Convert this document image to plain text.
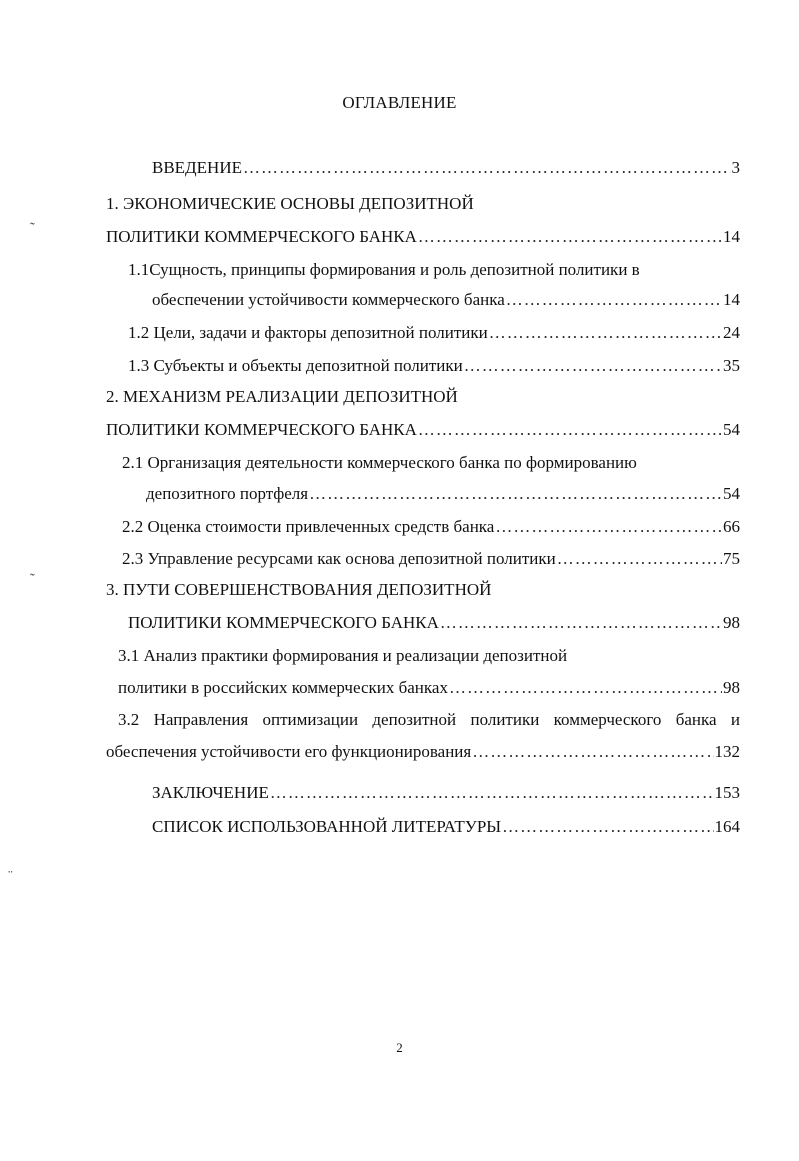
ОГЛАВЛЕНИЕ
ВВЕДЕНИЕ …………………………………………………………………………………………………………………………………………………………………………………………	3
1. ЭКОНОМИЧЕСКИЕ ОСНОВЫ ДЕПОЗИТНОЙ
ПОЛИТИКИ КОММЕРЧЕСКОГО БАНКА …………………………………………………………………………………………………………………………………………………………………………………………	14
1.1Сущность, принципы формирования и роль депозитной политики в
обеспечении устойчивости коммерческого банка …………………………………………………………………………………………………………………………………………………………………………………………	14
1.2 Цели, задачи и факторы депозитной политики …………………………………………………………………………………………………………………………………………………………………………………………	24
1.3 Субъекты и объекты депозитной политики …………………………………………………………………………………………………………………………………………………………………………………………	35
2. МЕХАНИЗМ РЕАЛИЗАЦИИ ДЕПОЗИТНОЙ
ПОЛИТИКИ КОММЕРЧЕСКОГО БАНКА …………………………………………………………………………………………………………………………………………………………………………………………	54
2.1 Организация деятельности коммерческого банка по формированию
депозитного портфеля …………………………………………………………………………………………………………………………………………………………………………………………	54
2.2 Оценка стоимости привлеченных средств банка …………………………………………………………………………………………………………………………………………………………………………………………	66
2.3 Управление ресурсами как основа депозитной политики …………………………………………………………………………………………………………………………………………………………………………………………	75
3. ПУТИ СОВЕРШЕНСТВОВАНИЯ ДЕПОЗИТНОЙ
ПОЛИТИКИ КОММЕРЧЕСКОГО БАНКА …………………………………………………………………………………………………………………………………………………………………………………………	98
3.1 Анализ практики формирования и реализации депозитной
политики в российских коммерческих банках …………………………………………………………………………………………………………………………………………………………………………………………	98
3.2 Направления оптимизации депозитной политики коммерческого банка и
обеспечения устойчивости его функционирования …………………………………………………………………………………………………………………………………………………………………………………………	132
ЗАКЛЮЧЕНИЕ …………………………………………………………………………………………………………………………………………………………………………………………	153
СПИСОК ИСПОЛЬЗОВАННОЙ ЛИТЕРАТУРЫ …………………………………………………………………………………………………………………………………………………………………………………………	164
˷
˷
¨
2
